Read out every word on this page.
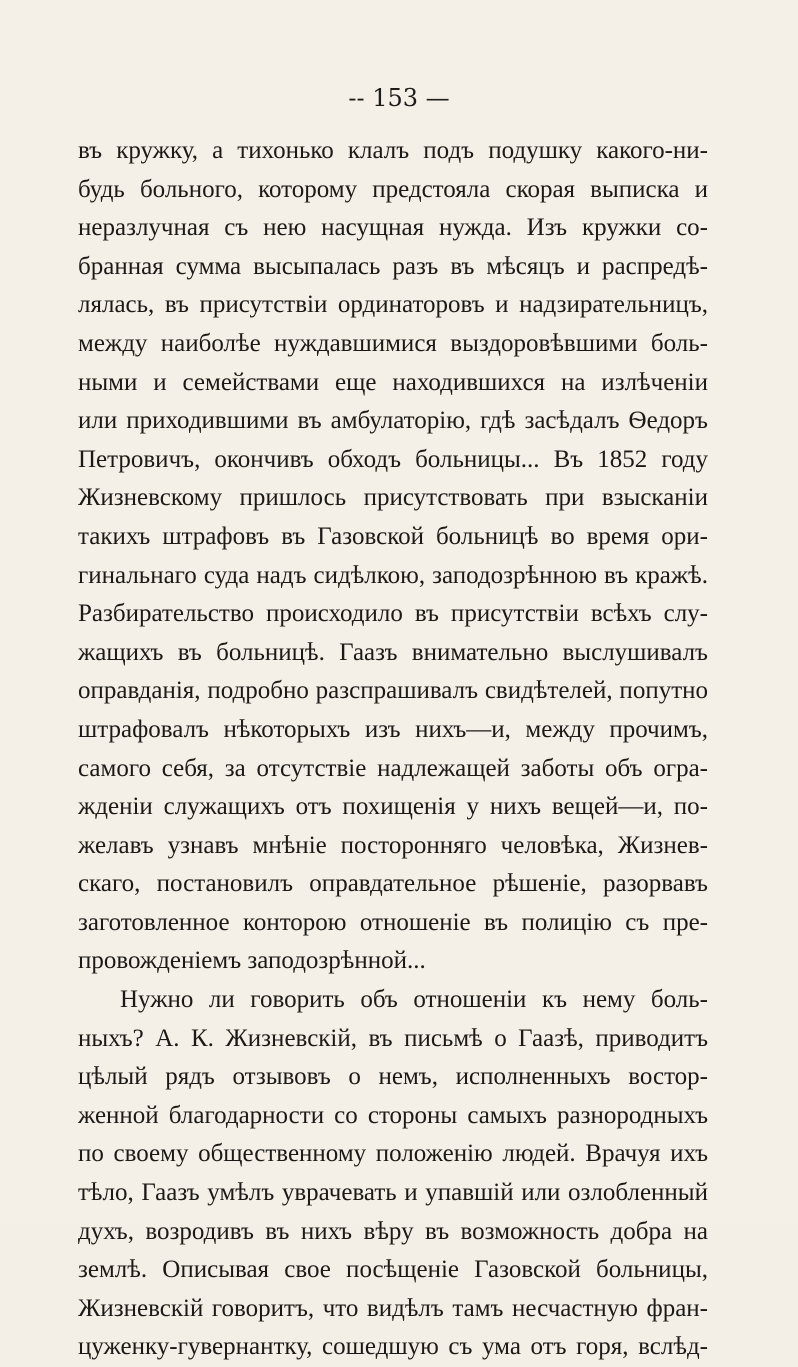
-- 153 —
въ кружку, а тихонько клалъ подъ подушку какого-ни-
будь больного, которому предстояла скорая выписка и
неразлучная съ нею насущная нужда. Изъ кружки со-
бранная сумма высыпалась разъ въ мѣсяцъ и распредѣ-
лялась, въ присутствіи ординаторовъ и надзирательницъ,
между наиболѣе нуждавшимися выздоровѣвшими боль-
ными и семействами еще находившихся на излѣченіи
или приходившими въ амбулаторію, гдѣ засѣдалъ Ѳедоръ
Петровичъ, окончивъ обходъ больницы... Въ 1852 году
Жизневскому пришлось присутствовать при взысканіи
такихъ штрафовъ въ Газовской больницѣ во время ори-
гинальнаго суда надъ сидѣлкою, заподозрѣнною въ кражѣ.
Разбирательство происходило въ присутствіи всѣхъ слу-
жащихъ въ больницѣ. Гаазъ внимательно выслушивалъ
оправданія, подробно разспрашивалъ свидѣтелей, попутно
штрафовалъ нѣкоторыхъ изъ нихъ—и, между прочимъ,
самого себя, за отсутствіе надлежащей заботы объ огра-
жденіи служащихъ отъ похищенія у нихъ вещей—и, по-
желавъ узнавъ мнѣніе посторонняго человѣка, Жизнев-
скаго, постановилъ оправдательное рѣшеніе, разорвавъ
заготовленное конторою отношеніе въ полицію съ пре-
провожденіемъ заподозрѣнной...
Нужно ли говорить объ отношеніи къ нему боль-
ныхъ? А. К. Жизневскій, въ письмѣ о Гаазѣ, приводитъ
цѣлый рядъ отзывовъ о немъ, исполненныхъ востор-
женной благодарности со стороны самыхъ разнородныхъ
по своему общественному положенію людей. Врачуя ихъ
тѣло, Гаазъ умѣлъ уврачевать и упавшій или озлобленный
духъ, возродивъ въ нихъ вѣру въ возможность добра на
землѣ. Описывая свое посѣщеніе Газовской больницы,
Жизневскій говоритъ, что видѣлъ тамъ несчастную фран-
цуженку-гувернантку, сошедшую съ ума отъ горя, вслѣд-
